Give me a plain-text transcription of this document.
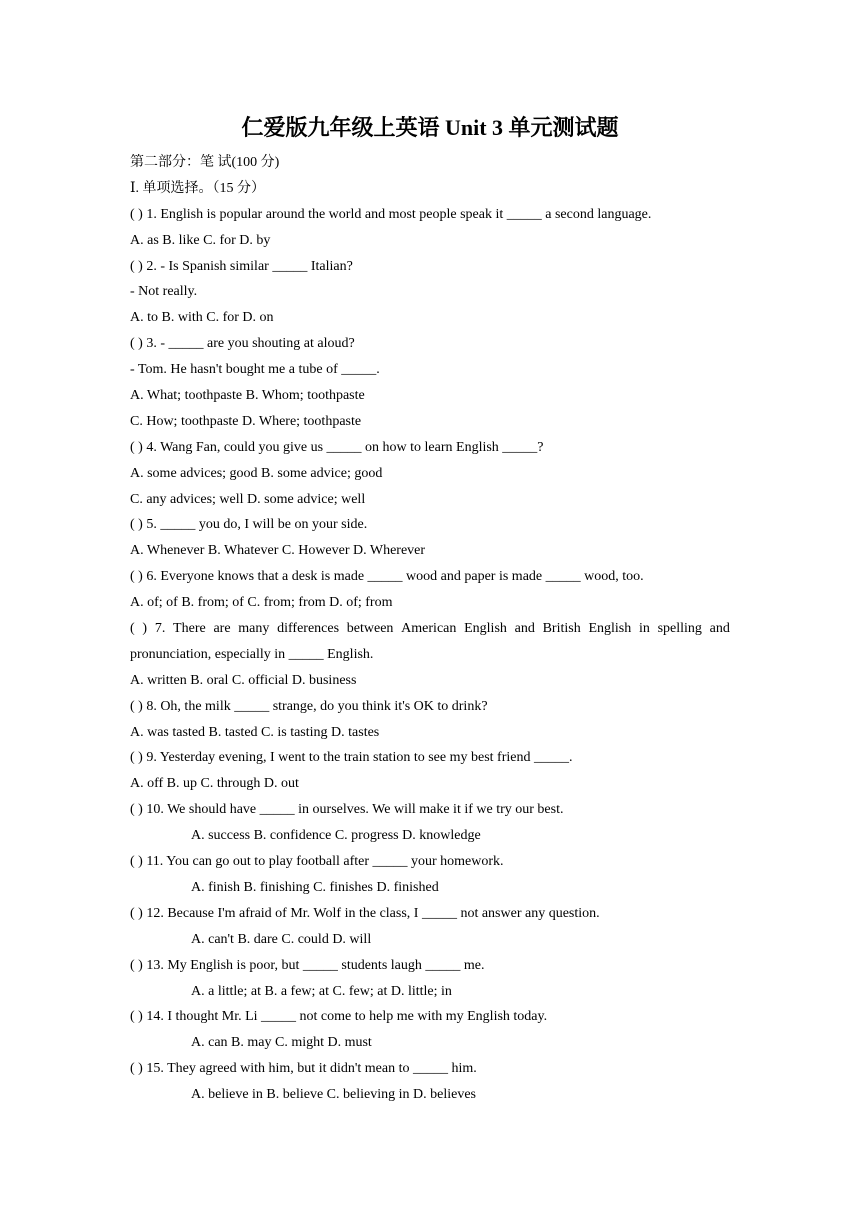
仁爱版九年级上英语 Unit 3 单元测试题
第二部分：笔 试(100 分)
Ⅰ. 单项选择。（15 分）
( ) 1. English is popular around the world and most people speak it _____ a second language.
A. as B. like C. for D. by
( ) 2. - Is Spanish similar _____ Italian?
- Not really.
A. to B. with C. for D. on
( ) 3. - _____ are you shouting at aloud?
- Tom. He hasn't bought me a tube of _____.
A. What; toothpaste B. Whom; toothpaste
C. How; toothpaste D. Where; toothpaste
( ) 4. Wang Fan, could you give us _____ on how to learn English _____?
A. some advices; good B. some advice; good
C. any advices; well D. some advice; well
( ) 5. _____ you do, I will be on your side.
A. Whenever B. Whatever C. However D. Wherever
( ) 6. Everyone knows that a desk is made _____ wood and paper is made _____ wood, too.
A. of; of B. from; of C. from; from D. of; from
( ) 7. There are many differences between American English and British English in spelling and
pronunciation, especially in _____ English.
A. written B. oral C. official D. business
( ) 8. Oh, the milk _____ strange, do you think it's OK to drink?
A. was tasted B. tasted C. is tasting D. tastes
( ) 9. Yesterday evening, I went to the train station to see my best friend _____.
A. off B. up C. through D. out
( ) 10. We should have _____ in ourselves. We will make it if we try our best.
A. success B. confidence C. progress D. knowledge
( ) 11. You can go out to play football after _____ your homework.
A. finish B. finishing C. finishes D. finished
( ) 12. Because I'm afraid of Mr. Wolf in the class, I _____ not answer any question.
A. can't B. dare C. could D. will
( ) 13. My English is poor, but _____ students laugh _____ me.
A. a little; at B. a few; at C. few; at D. little; in
( ) 14. I thought Mr. Li _____ not come to help me with my English today.
A. can B. may C. might D. must
( ) 15. They agreed with him, but it didn't mean to _____ him.
A. believe in B. believe C. believing in D. believes
